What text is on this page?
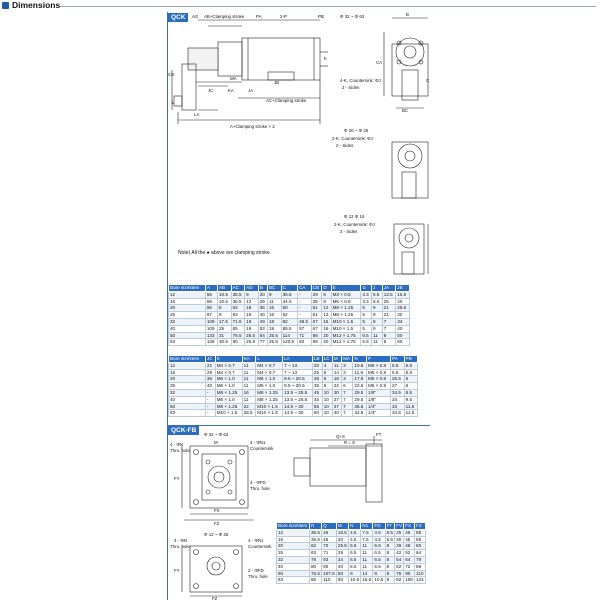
Dimensions
QCK	AG AB+Clamping stroke	PA	2-P	PB	Φ 32 ~ Φ 63
AC+Clamping stroke
A+Clamping stroke × 2
KA	JA
MA
JB
LA
JC
K
CB
L
4-K, Countersink: ΦJ
2 - Sides
B
BC
CA
C
Φ 20 ~ Φ 25
2-K, Countersink: ΦJ
2 - Sides
Φ 12 Φ 16
2-K, Countersink: ΦJ
2 - Sides
Note) All the ● above are clamping stroke.
Bore size\Item	A	AB	AC	AD	B	BC	C	CA	CB	D	E	G	J	JA	JB
12	55	10.5	35.5	9	20	9	36.5	-	29	6	M3 × 0.5	3.3	6.5	13.5	15.5
16	59	10.5	35.5	13	29	11	44.5	-	35	8	M5 × 0.8	3.3	6.5	25	20
20	86	8	62	18	36	16	60	-	51	12	M8 × 1.25	5	9	21	25.5
25	87	8	63	16	40	16	62	-	51	12	M8 × 1.25	5	9	21	30
32	108	17.5	71.5	19	49	18	82	49.5	67	16	M10 × 1.5	5	9	7	34
40	109	25	65	19	53	19	85.5	57	67	16	M10 × 1.5	5	9	7	40
50	133	31	76.5	25.5	64	25.5	114	71	88	20	M12 × 1.75	6.5	11	8	50
63	136	30.5	80	25.5	77	25.5	120.5	84	88	20	M12 × 1.75	6.5	11	8	60
Bore size\Item	JC	K	KA	L	LA	LB	LC	M	MA	N	P	PA	PB
12	22	M4 × 0.7	11	M4 × 0.7	7 ~ 13	20	4	11	3	10.8	M5 × 0.8	5.5	5.5
16	28	M4 × 0.7	11	M4 × 0.7	7 ~ 13	25	5	14	3	11.8	M5 × 0.8	5.5	5.5
20	36	M6 × 1.0	11	M6 × 1.0	9.5 ~ 20.5	35	6	18	3	17.8	M5 × 0.8	25.5	6
25	40	M6 × 1.0	11	M6 × 1.0	9.5 ~ 20.5	35	6	22	6	22.5	M5 × 0.8	27	6
32	-	M8 × 1.25	16	M8 × 1.25	13.5 ~ 25.5	45	10	30	7	29.5	1/8"	34.5	8.5
40	-	M6 × 1.0	11	M8 × 1.25	13.5 ~ 25.5	45	10	37	7	29.5	1/8"	34	9.5
50	-	M8 × 1.25	22	M10 × 1.5	14.5 ~ 30	55	10	37	7	35.5	1/4"	34	11.5
63	-	M10 × 1.5	28.5	M10 × 1.5	14.5 ~ 30	60	10	40	7	42.5	1/4"	34.5	11.5
QCK-FB
Φ 32 ~ Φ 63
4 - ΦN
Thru. hole
4 - ΦN1
Countersink
4 - ΦFD
Thru. hole
FX
FZ
FY
FT
Q+S
R = S
M
Φ 12 ~ Φ 25
4 - ΦN
Thru. hole
4 - ΦN1
Countersink
2 - ΦFD
Thru. hole
FZ
FY
Bore size\Item	R	Q	M	N	N1	FD	FT	FV	FX	FZ
12	35.5	46	15.5	4.5	7.5	4.5	5.5	25	45	55
16	35.5	46	20	4.5	7.5	4.5	5.5	30	45	55
20	62	70	25.5	6.5	11	6.5	8	39	48	60
25	63	71	28	6.5	11	6.5	8	42	52	64
32	78	93	34	6.5	11	6.5	8	54	64	79
40	80	90	40	6.5	11	6.5	8	62	72	86
50	76.5	107.5	50	9	14	9	9	76	90	110
63	80	110	60	10.5	16.5	10.5	9	92	108	124
